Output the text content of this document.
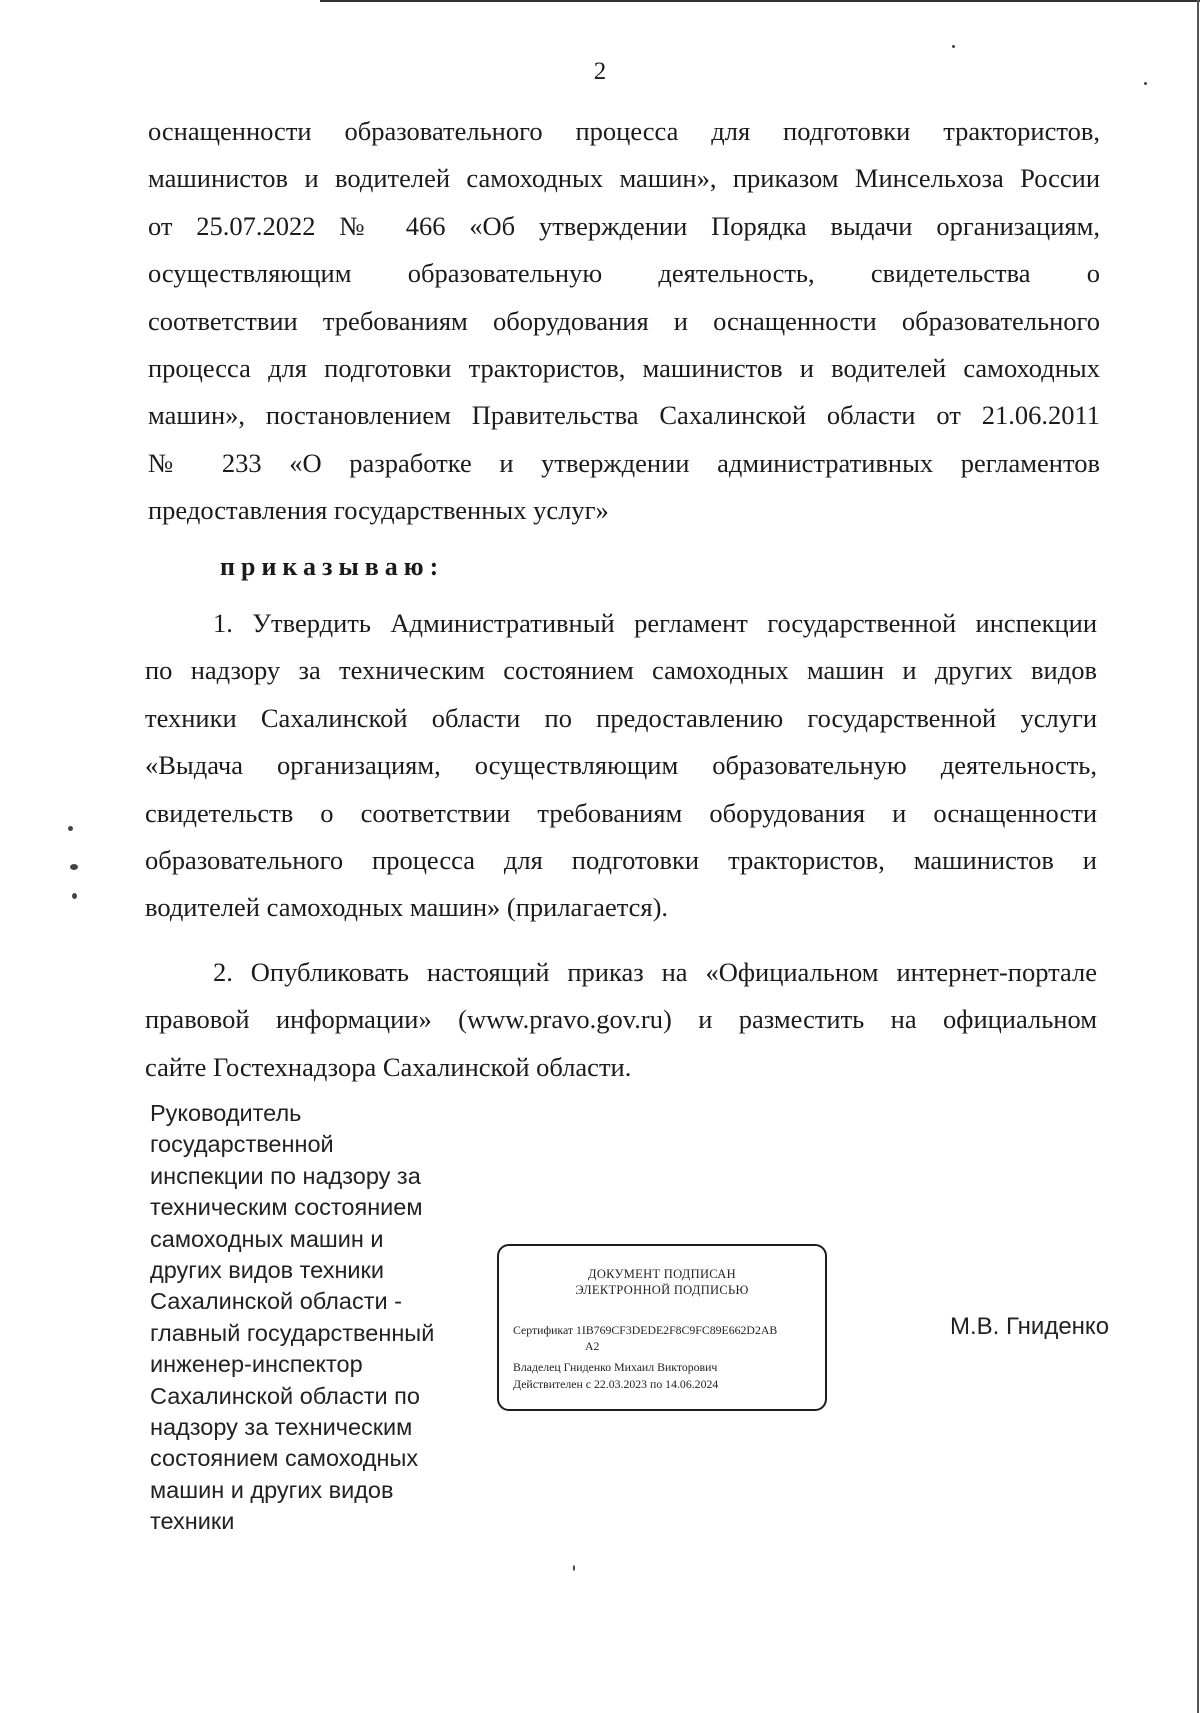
2
оснащенности образовательного процесса для подготовки трактористов,
машинистов и водителей самоходных машин», приказом Минсельхоза России
от 25.07.2022 № 466 «Об утверждении Порядка выдачи организациям,
осуществляющим образовательную деятельность, свидетельства о
соответствии требованиям оборудования и оснащенности образовательного
процесса для подготовки трактористов, машинистов и водителей самоходных
машин», постановлением Правительства Сахалинской области от 21.06.2011
№ 233 «О разработке и утверждении административных регламентов
предоставления государственных услуг»
приказываю:
1. Утвердить Административный регламент государственной инспекции
по надзору за техническим состоянием самоходных машин и других видов
техники Сахалинской области по предоставлению государственной услуги
«Выдача организациям, осуществляющим образовательную деятельность,
свидетельств о соответствии требованиям оборудования и оснащенности
образовательного процесса для подготовки трактористов, машинистов и
водителей самоходных машин» (прилагается).
2. Опубликовать настоящий приказ на «Официальном интернет-портале
правовой информации» (www.pravo.gov.ru) и разместить на официальном
сайте Гостехнадзора Сахалинской области.
Руководитель
государственной
инспекции по надзору за
техническим состоянием
самоходных машин и
других видов техники
Сахалинской области -
главный государственный
инженер-инспектор
Сахалинской области по
надзору за техническим
состоянием самоходных
машин и других видов
техники
ДОКУМЕНТ ПОДПИСАН
ЭЛЕКТРОННОЙ ПОДПИСЬЮ
Сертификат 1ІВ769CF3DEDE2F8C9FC89E662D2AB
A2
Владелец Гниденко Михаил Викторович
Действителен с 22.03.2023 по 14.06.2024
М.В. Гниденко
